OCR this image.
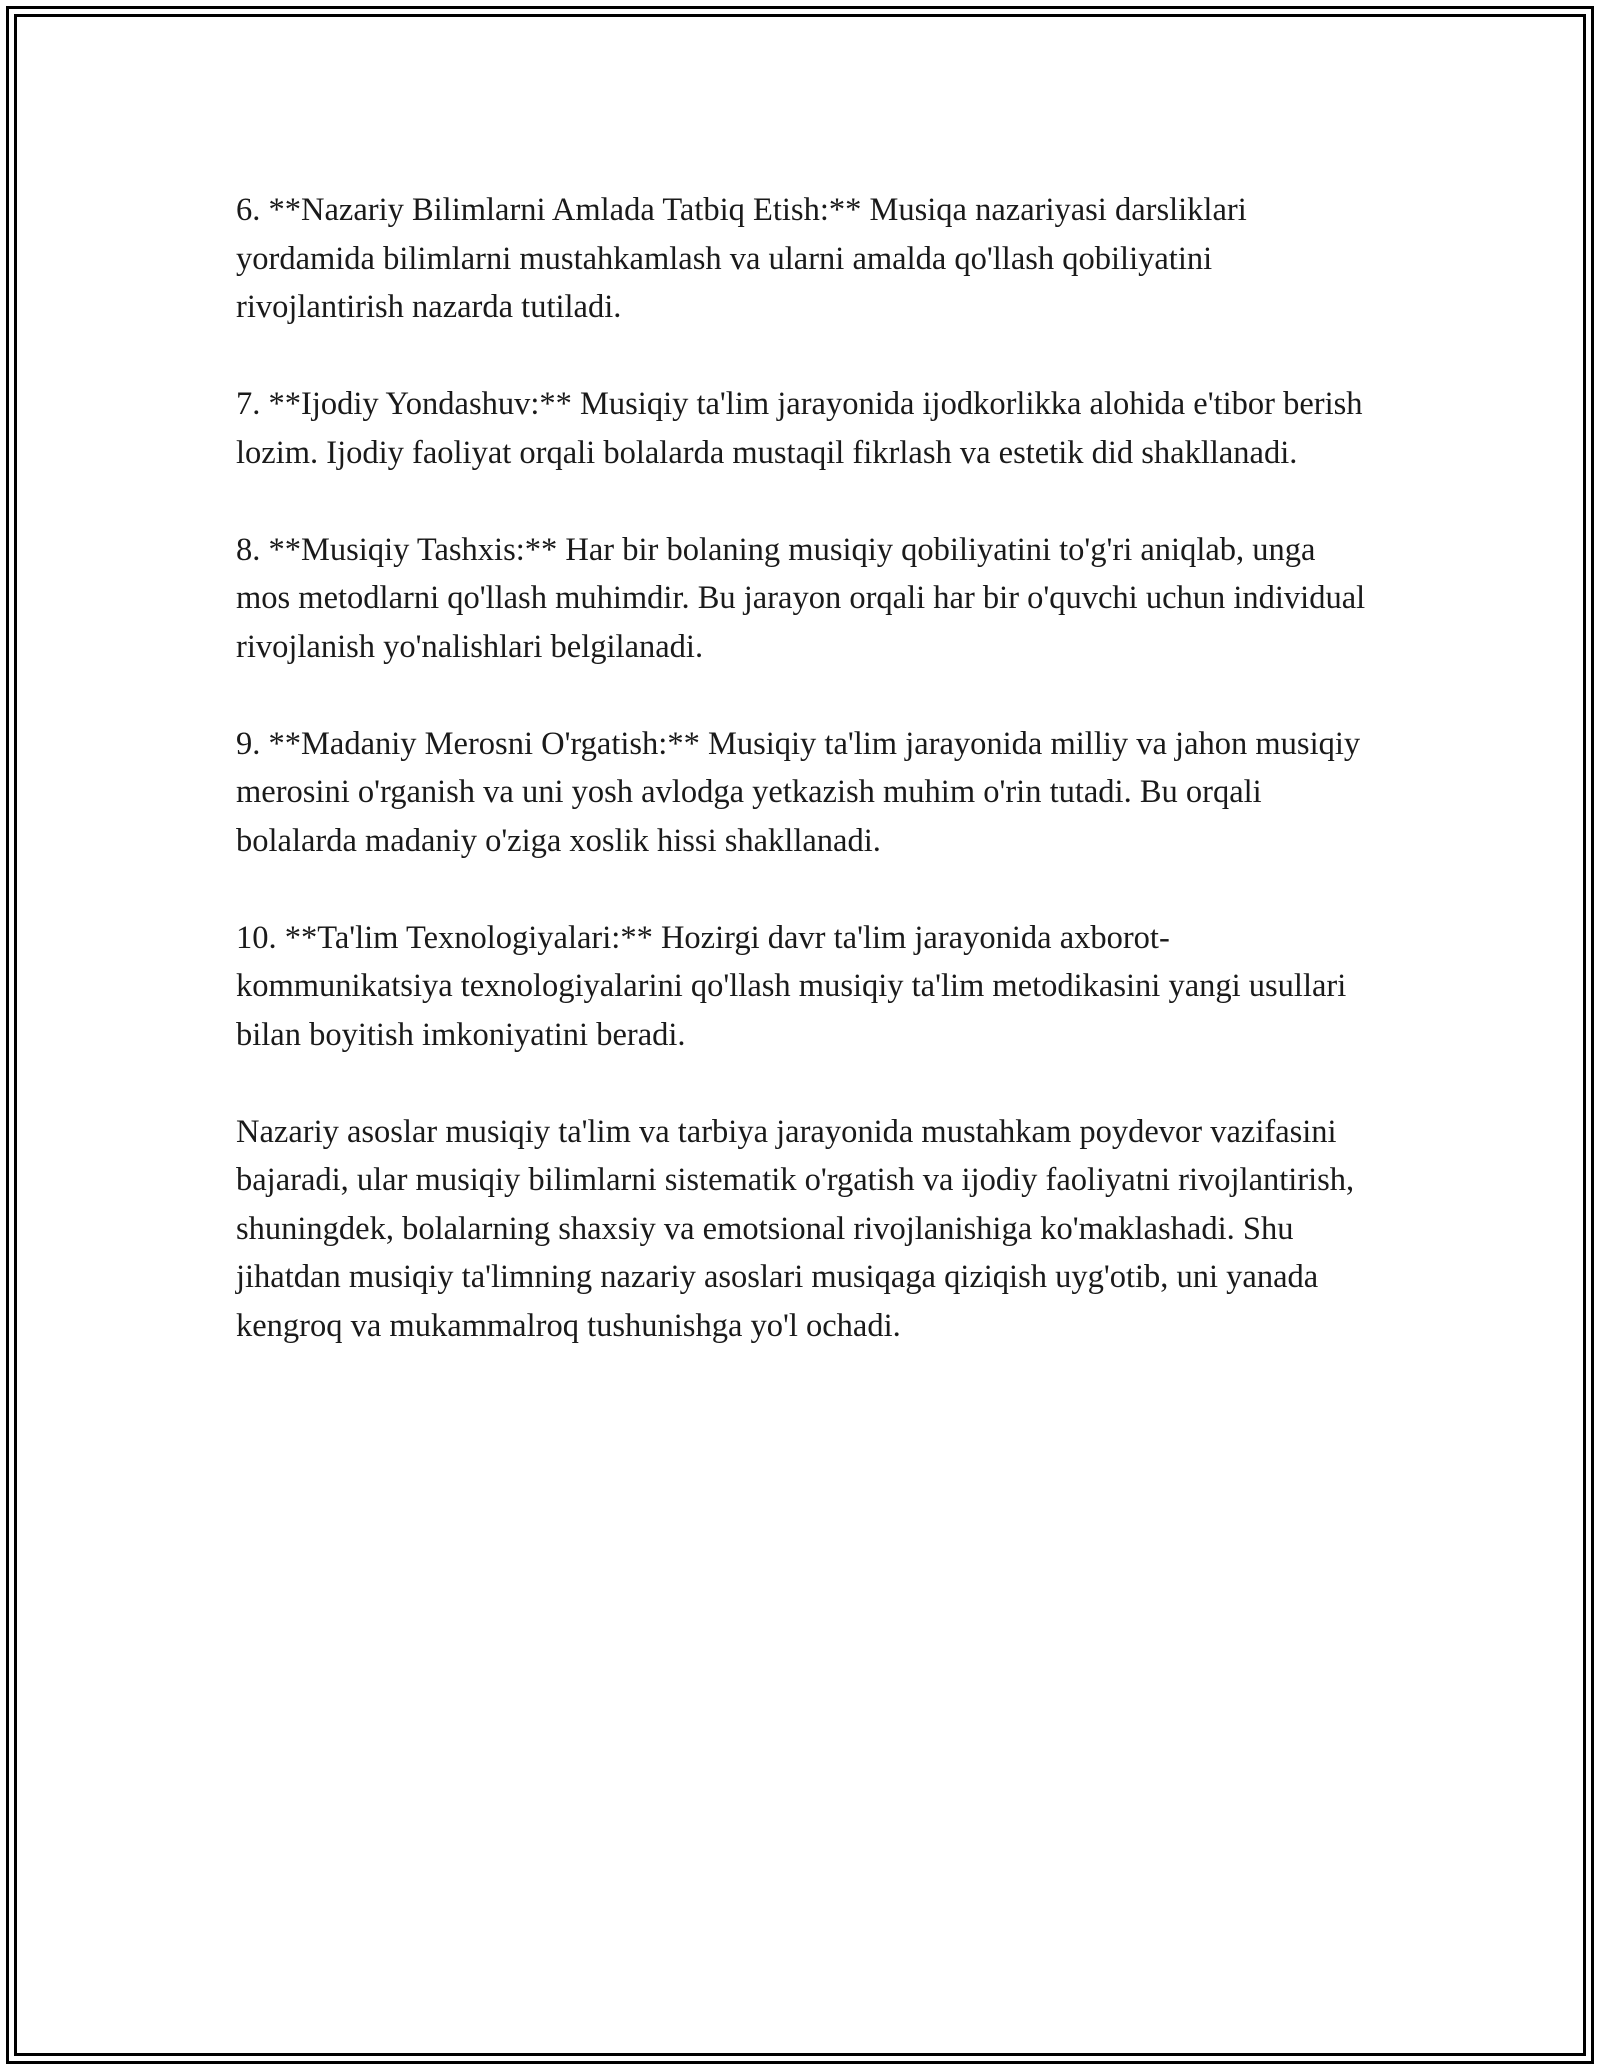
6. **Nazariy Bilimlarni Amlada Tatbiq Etish:** Musiqa nazariyasi darsliklari yordamida bilimlarni mustahkamlash va ularni amalda qo'llash qobiliyatini rivojlantirish nazarda tutiladi.

7. **Ijodiy Yondashuv:** Musiqiy ta'lim jarayonida ijodkorlikka alohida e'tibor berish lozim. Ijodiy faoliyat orqali bolalarda mustaqil fikrlash va estetik did shakllanadi.

8. **Musiqiy Tashxis:** Har bir bolaning musiqiy qobiliyatini to'g'ri aniqlab, unga mos metodlarni qo'llash muhimdir. Bu jarayon orqali har bir o'quvchi uchun individual rivojlanish yo'nalishlari belgilanadi.

9. **Madaniy Merosni O'rgatish:** Musiqiy ta'lim jarayonida milliy va jahon musiqiy merosini o'rganish va uni yosh avlodga yetkazish muhim o'rin tutadi. Bu orqali bolalarda madaniy o'ziga xoslik hissi shakllanadi.

10. **Ta'lim Texnologiyalari:** Hozirgi davr ta'lim jarayonida axborot-kommunikatsiya texnologiyalarini qo'llash musiqiy ta'lim metodikasini yangi usullari bilan boyitish imkoniyatini beradi.

Nazariy asoslar musiqiy ta'lim va tarbiya jarayonida mustahkam poydevor vazifasini bajaradi, ular musiqiy bilimlarni sistematik o'rgatish va ijodiy faoliyatni rivojlantirish, shuningdek, bolalarning shaxsiy va emotsional rivojlanishiga ko'maklashadi. Shu jihatdan musiqiy ta'limning nazariy asoslari musiqaga qiziqish uyg'otib, uni yanada kengroq va mukammalroq tushunishga yo'l ochadi.
